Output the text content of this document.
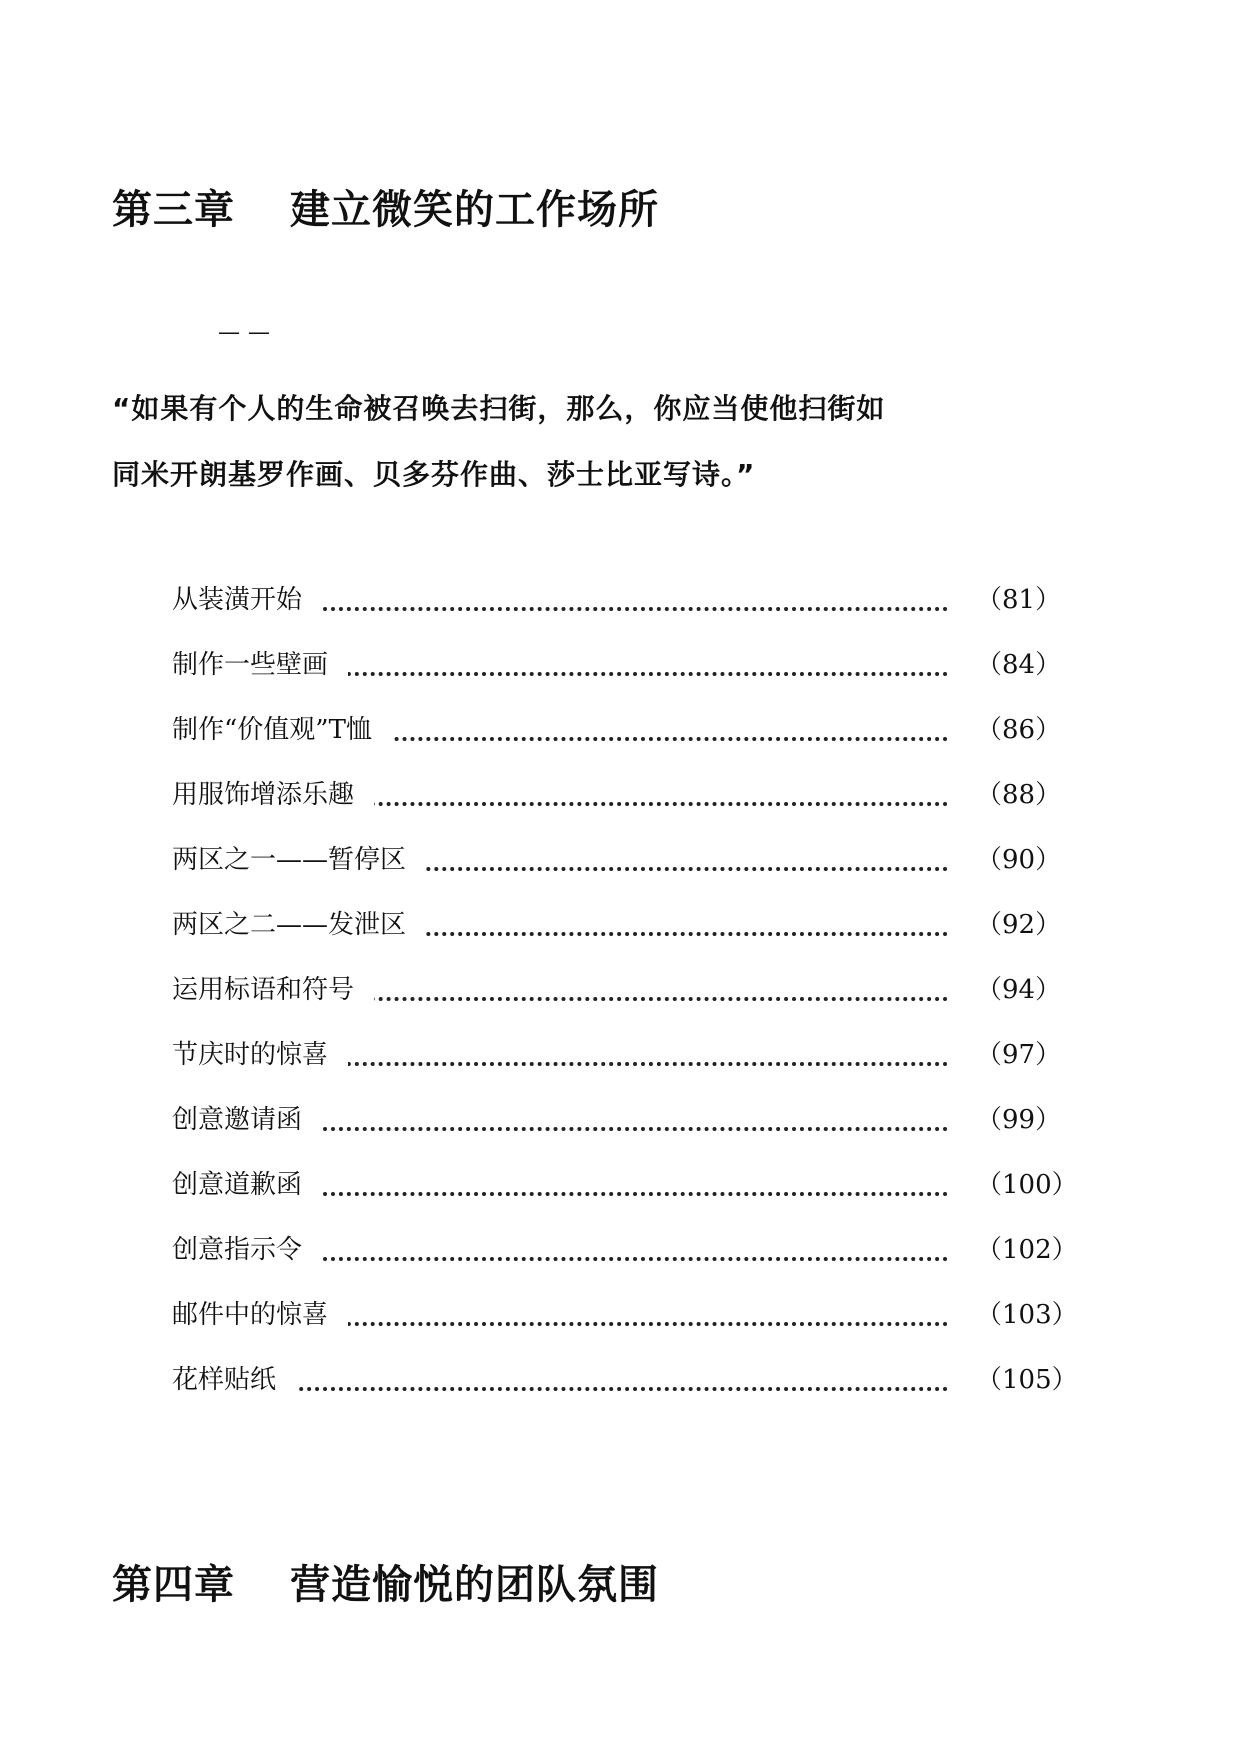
第三章 建立微笑的工作场所
——
“如果有个人的生命被召唤去扫街，那么，你应当使他扫街如
同米开朗基罗作画、贝多芬作曲、莎士比亚写诗。”
从装潢开始	（81）
制作一些壁画	（84）
制作“价值观”T恤	（86）
用服饰增添乐趣	（88）
两区之一——暂停区	（90）
两区之二——发泄区	（92）
运用标语和符号	（94）
节庆时的惊喜	（97）
创意邀请函	（99）
创意道歉函	（100）
创意指示令	（102）
邮件中的惊喜	（103）
花样贴纸	（105）
第四章 营造愉悦的团队氛围
